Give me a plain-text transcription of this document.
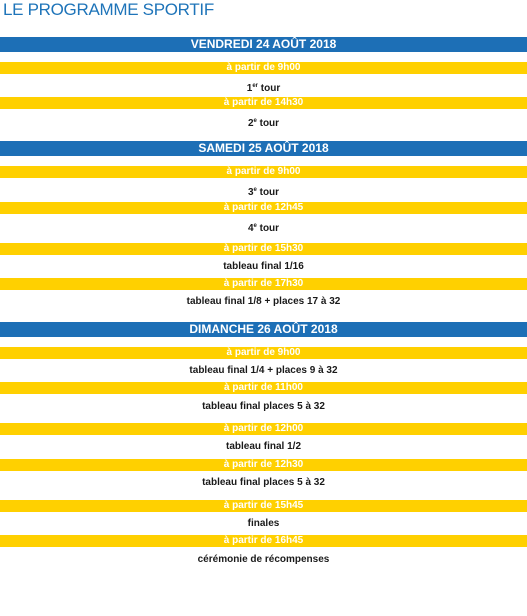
LE PROGRAMME SPORTIF
VENDREDI 24 AOÛT 2018
à partir de 9h00
1er tour
à partir de 14h30
2e tour
SAMEDI 25 AOÛT 2018
à partir de 9h00
3e tour
à partir de 12h45
4e tour
à partir de 15h30
tableau final 1/16
à partir de 17h30
tableau final 1/8 + places 17 à 32
DIMANCHE 26 AOÛT 2018
à partir de 9h00
tableau final 1/4 + places 9 à 32
à partir de 11h00
tableau final places 5 à 32
à partir de 12h00
tableau final 1/2
à partir de 12h30
tableau final places 5 à 32
à partir de 15h45
finales
à partir de 16h45
cérémonie de récompenses
